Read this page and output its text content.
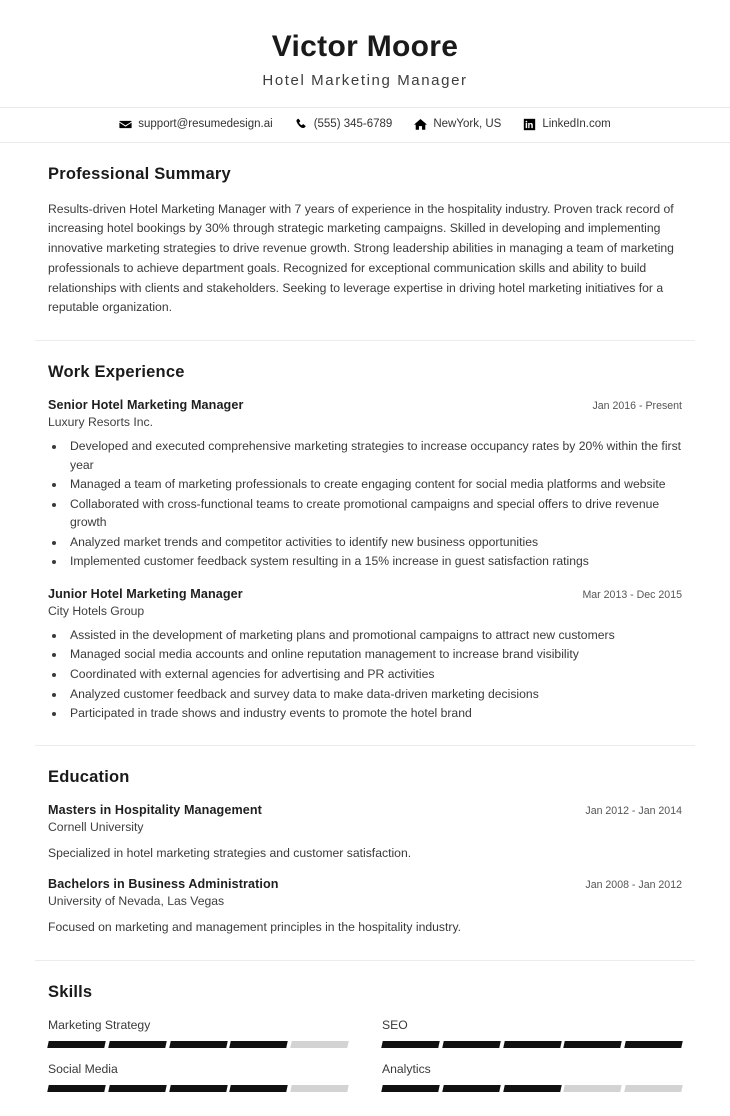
Victor Moore
Hotel Marketing Manager
support@resumedesign.ai	(555) 345-6789	NewYork, US	LinkedIn.com
Professional Summary
Results-driven Hotel Marketing Manager with 7 years of experience in the hospitality industry. Proven track record of increasing hotel bookings by 30% through strategic marketing campaigns. Skilled in developing and implementing innovative marketing strategies to drive revenue growth. Strong leadership abilities in managing a team of marketing professionals to achieve department goals. Recognized for exceptional communication skills and ability to build relationships with clients and stakeholders. Seeking to leverage expertise in driving hotel marketing initiatives for a reputable organization.
Work Experience
Senior Hotel Marketing Manager	Jan 2016 - Present
Luxury Resorts Inc.
• Developed and executed comprehensive marketing strategies to increase occupancy rates by 20% within the first year
• Managed a team of marketing professionals to create engaging content for social media platforms and website
• Collaborated with cross-functional teams to create promotional campaigns and special offers to drive revenue growth
• Analyzed market trends and competitor activities to identify new business opportunities
• Implemented customer feedback system resulting in a 15% increase in guest satisfaction ratings
Junior Hotel Marketing Manager	Mar 2013 - Dec 2015
City Hotels Group
• Assisted in the development of marketing plans and promotional campaigns to attract new customers
• Managed social media accounts and online reputation management to increase brand visibility
• Coordinated with external agencies for advertising and PR activities
• Analyzed customer feedback and survey data to make data-driven marketing decisions
• Participated in trade shows and industry events to promote the hotel brand
Education
Masters in Hospitality Management	Jan 2012 - Jan 2014
Cornell University
Specialized in hotel marketing strategies and customer satisfaction.
Bachelors in Business Administration	Jan 2008 - Jan 2012
University of Nevada, Las Vegas
Focused on marketing and management principles in the hospitality industry.
Skills
Marketing Strategy	SEO
Social Media	Analytics
